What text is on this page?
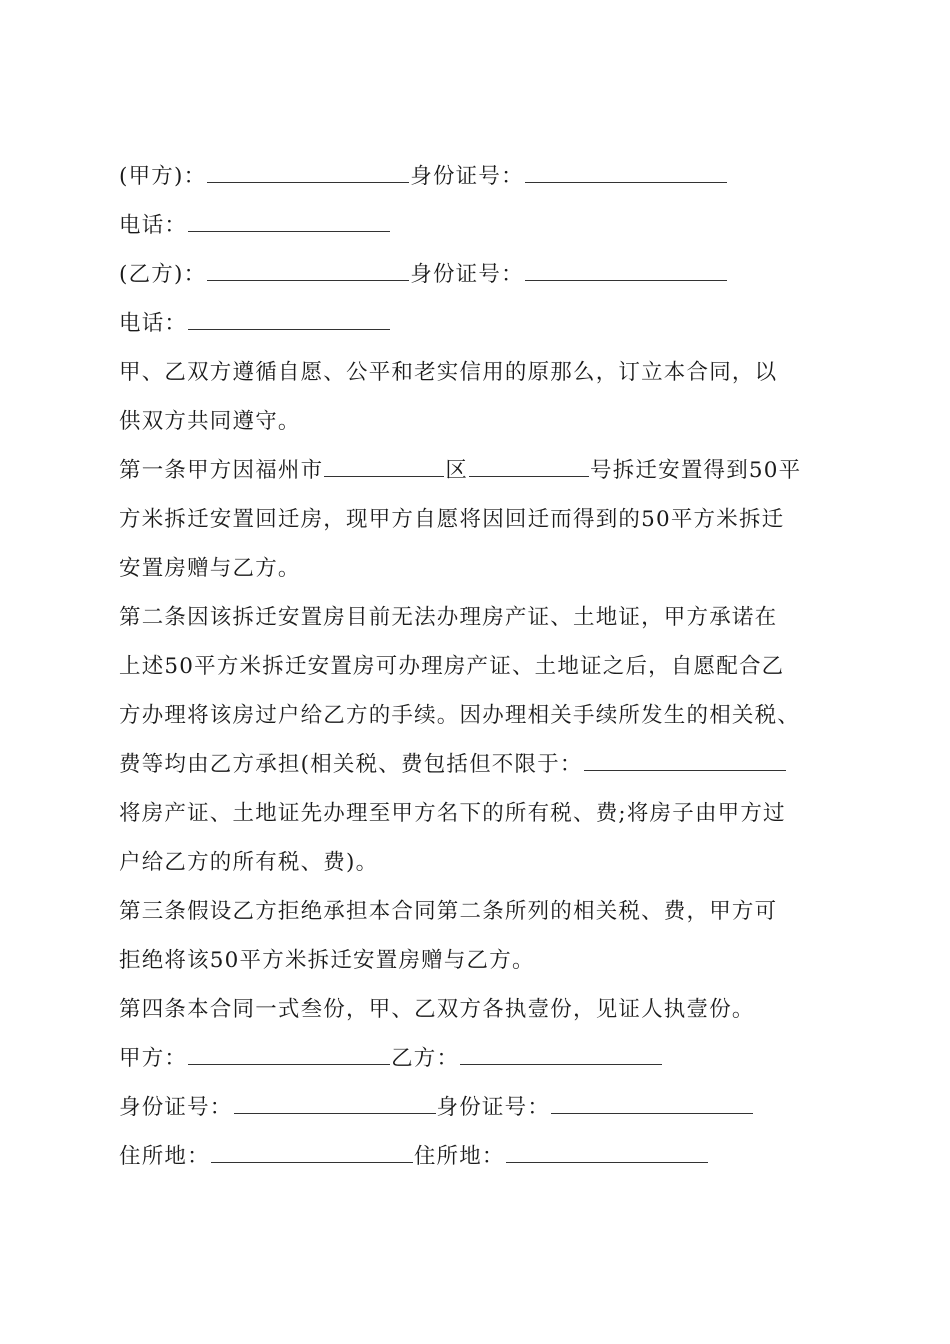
(甲方)：	身份证号：
电话：
(乙方)：	身份证号：
电话：
甲、乙双方遵循自愿、公平和老实信用的原那么，订立本合同，以
供双方共同遵守。
第一条甲方因福州市	区	号拆迁安置得到50平
方米拆迁安置回迁房，现甲方自愿将因回迁而得到的50平方米拆迁
安置房赠与乙方。
第二条因该拆迁安置房目前无法办理房产证、土地证，甲方承诺在
上述50平方米拆迁安置房可办理房产证、土地证之后，自愿配合乙
方办理将该房过户给乙方的手续。因办理相关手续所发生的相关税、
费等均由乙方承担(相关税、费包括但不限于：
将房产证、土地证先办理至甲方名下的所有税、费;将房子由甲方过
户给乙方的所有税、费)。
第三条假设乙方拒绝承担本合同第二条所列的相关税、费，甲方可
拒绝将该50平方米拆迁安置房赠与乙方。
第四条本合同一式叁份，甲、乙双方各执壹份，见证人执壹份。
甲方：	乙方：
身份证号：	身份证号：
住所地：	住所地：
